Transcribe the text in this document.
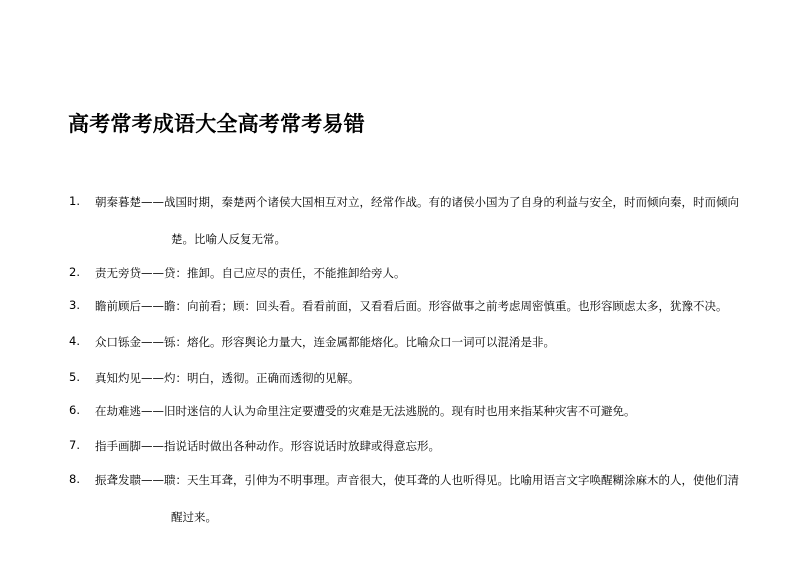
高考常考成语大全高考常考易错
1. 朝秦暮楚——战国时期，秦楚两个诸侯大国相互对立，经常作战。有的诸侯小国为了自身的利益与安全，时而倾向秦，时而倾向
楚。比喻人反复无常。
2. 责无旁贷——贷：推卸。自己应尽的责任，不能推卸给旁人。
3. 瞻前顾后——瞻：向前看；顾：回头看。看看前面，又看看后面。形容做事之前考虑周密慎重。也形容顾虑太多，犹豫不决。
4. 众口铄金——铄：熔化。形容舆论力量大，连金属都能熔化。比喻众口一词可以混淆是非。
5. 真知灼见——灼：明白，透彻。正确而透彻的见解。
6. 在劫难逃——旧时迷信的人认为命里注定要遭受的灾难是无法逃脱的。现有时也用来指某种灾害不可避免。
7. 指手画脚——指说话时做出各种动作。形容说话时放肆或得意忘形。
8. 振聋发聩——聩：天生耳聋，引伸为不明事理。声音很大，使耳聋的人也听得见。比喻用语言文字唤醒糊涂麻木的人，使他们清
醒过来。
